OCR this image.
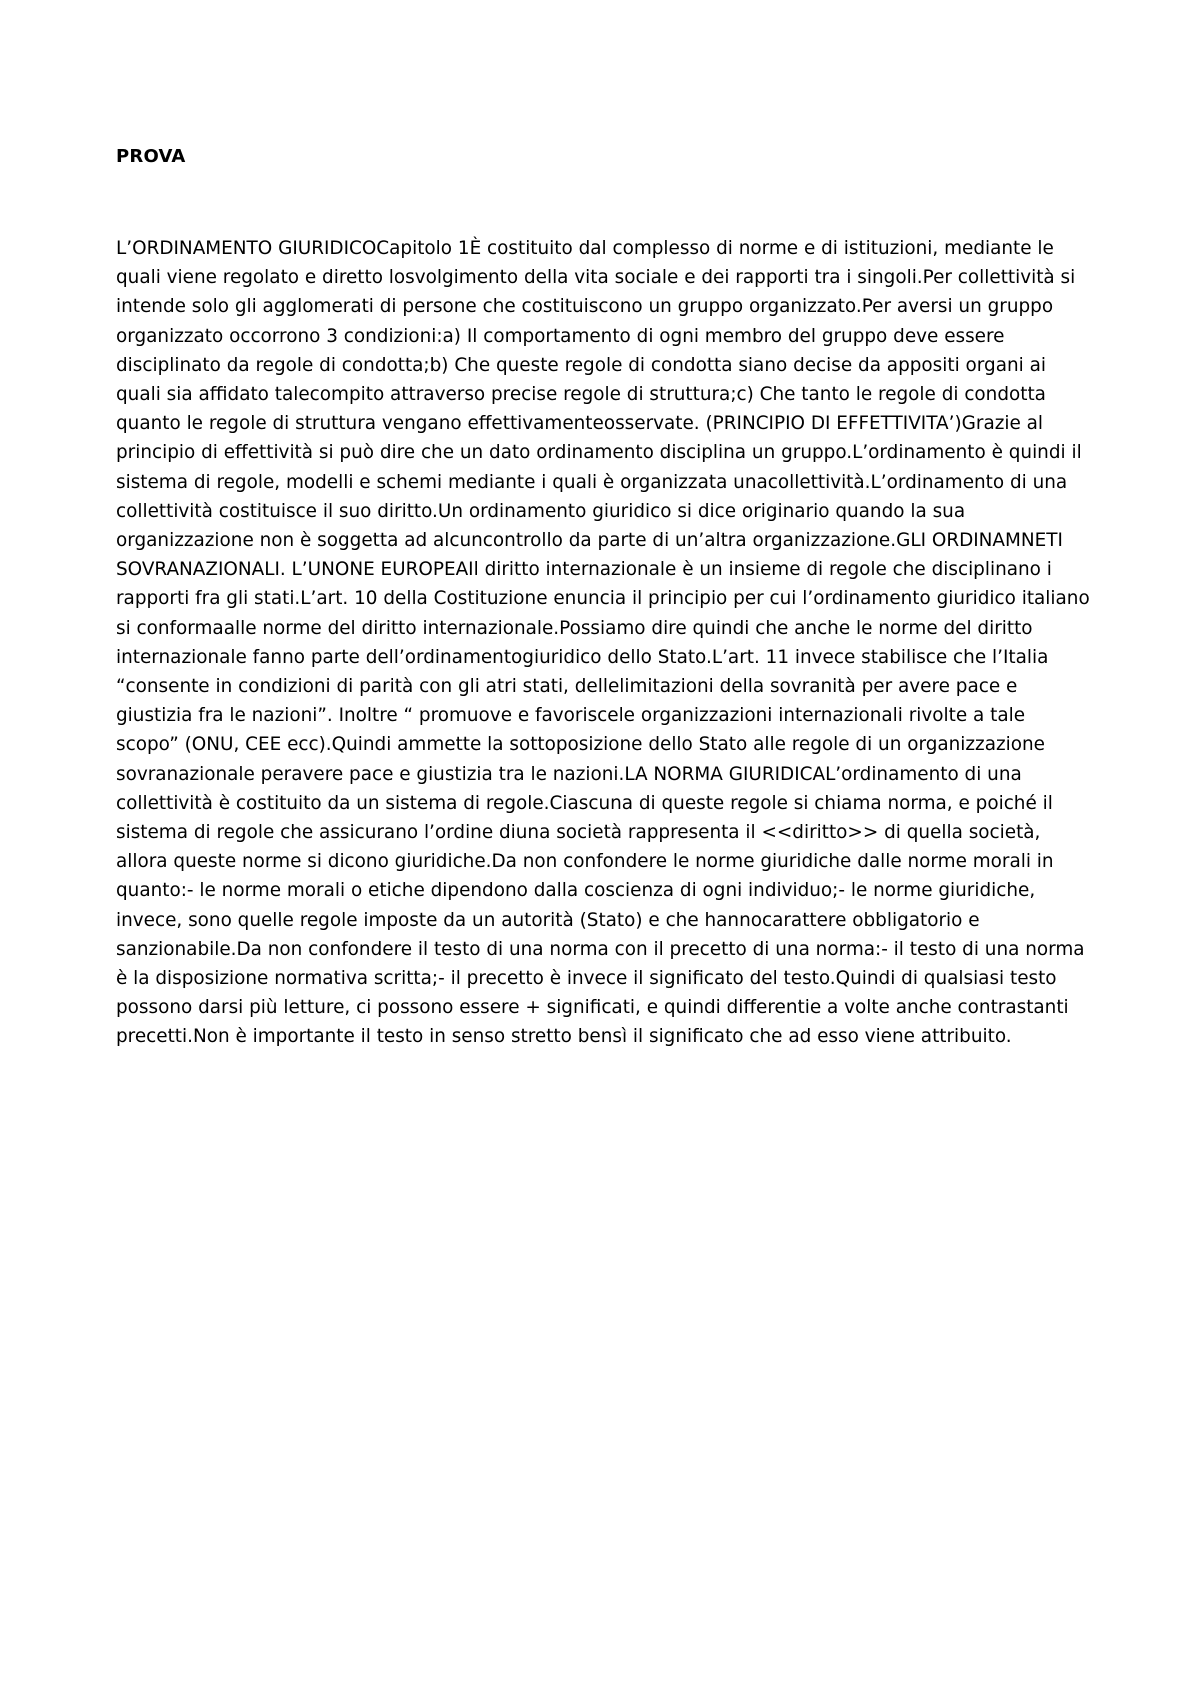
PROVA

L’ORDINAMENTO GIURIDICOCapitolo 1È costituito dal complesso di norme e di istituzioni, mediante le quali viene regolato e diretto losvolgimento della vita sociale e dei rapporti tra i singoli.Per collettività si intende solo gli agglomerati di persone che costituiscono un gruppo organizzato.Per aversi un gruppo organizzato occorrono 3 condizioni:a) Il comportamento di ogni membro del gruppo deve essere disciplinato da regole di condotta;b) Che queste regole di condotta siano decise da appositi organi ai quali sia affidato talecompito attraverso precise regole di struttura;c) Che tanto le regole di condotta quanto le regole di struttura vengano effettivamenteosservate. (PRINCIPIO DI EFFETTIVITA’)Grazie al principio di effettività si può dire che un dato ordinamento disciplina un gruppo.L’ordinamento è quindi il sistema di regole, modelli e schemi mediante i quali è organizzata unacollettività.L’ordinamento di una collettività costituisce il suo diritto.Un ordinamento giuridico si dice originario quando la sua organizzazione non è soggetta ad alcuncontrollo da parte di un’altra organizzazione.GLI ORDINAMNETI SOVRANAZIONALI. L’UNONE EUROPEAIl diritto internazionale è un insieme di regole che disciplinano i rapporti fra gli stati.L’art. 10 della Costituzione enuncia il principio per cui l’ordinamento giuridico italiano si conformaalle norme del diritto internazionale.Possiamo dire quindi che anche le norme del diritto internazionale fanno parte dell’ordinamentogiuridico dello Stato.L’art. 11 invece stabilisce che l’Italia “consente in condizioni di parità con gli atri stati, dellelimitazioni della sovranità per avere pace e giustizia fra le nazioni”. Inoltre “ promuove e favoriscele organizzazioni internazionali rivolte a tale scopo” (ONU, CEE ecc).Quindi ammette la sottoposizione dello Stato alle regole di un organizzazione sovranazionale peravere pace e giustizia tra le nazioni.LA NORMA GIURIDICAL’ordinamento di una collettività è costituito da un sistema di regole.Ciascuna di queste regole si chiama norma, e poiché il sistema di regole che assicurano l’ordine diuna società rappresenta il <<diritto>> di quella società, allora queste norme si dicono giuridiche.Da non confondere le norme giuridiche dalle norme morali in quanto:- le norme morali o etiche dipendono dalla coscienza di ogni individuo;- le norme giuridiche, invece, sono quelle regole imposte da un autorità (Stato) e che hannocarattere obbligatorio e sanzionabile.Da non confondere il testo di una norma con il precetto di una norma:- il testo di una norma è la disposizione normativa scritta;- il precetto è invece il significato del testo.Quindi di qualsiasi testo possono darsi più letture, ci possono essere + significati, e quindi differentie a volte anche contrastanti precetti.Non è importante il testo in senso stretto bensì il significato che ad esso viene attribuito.
